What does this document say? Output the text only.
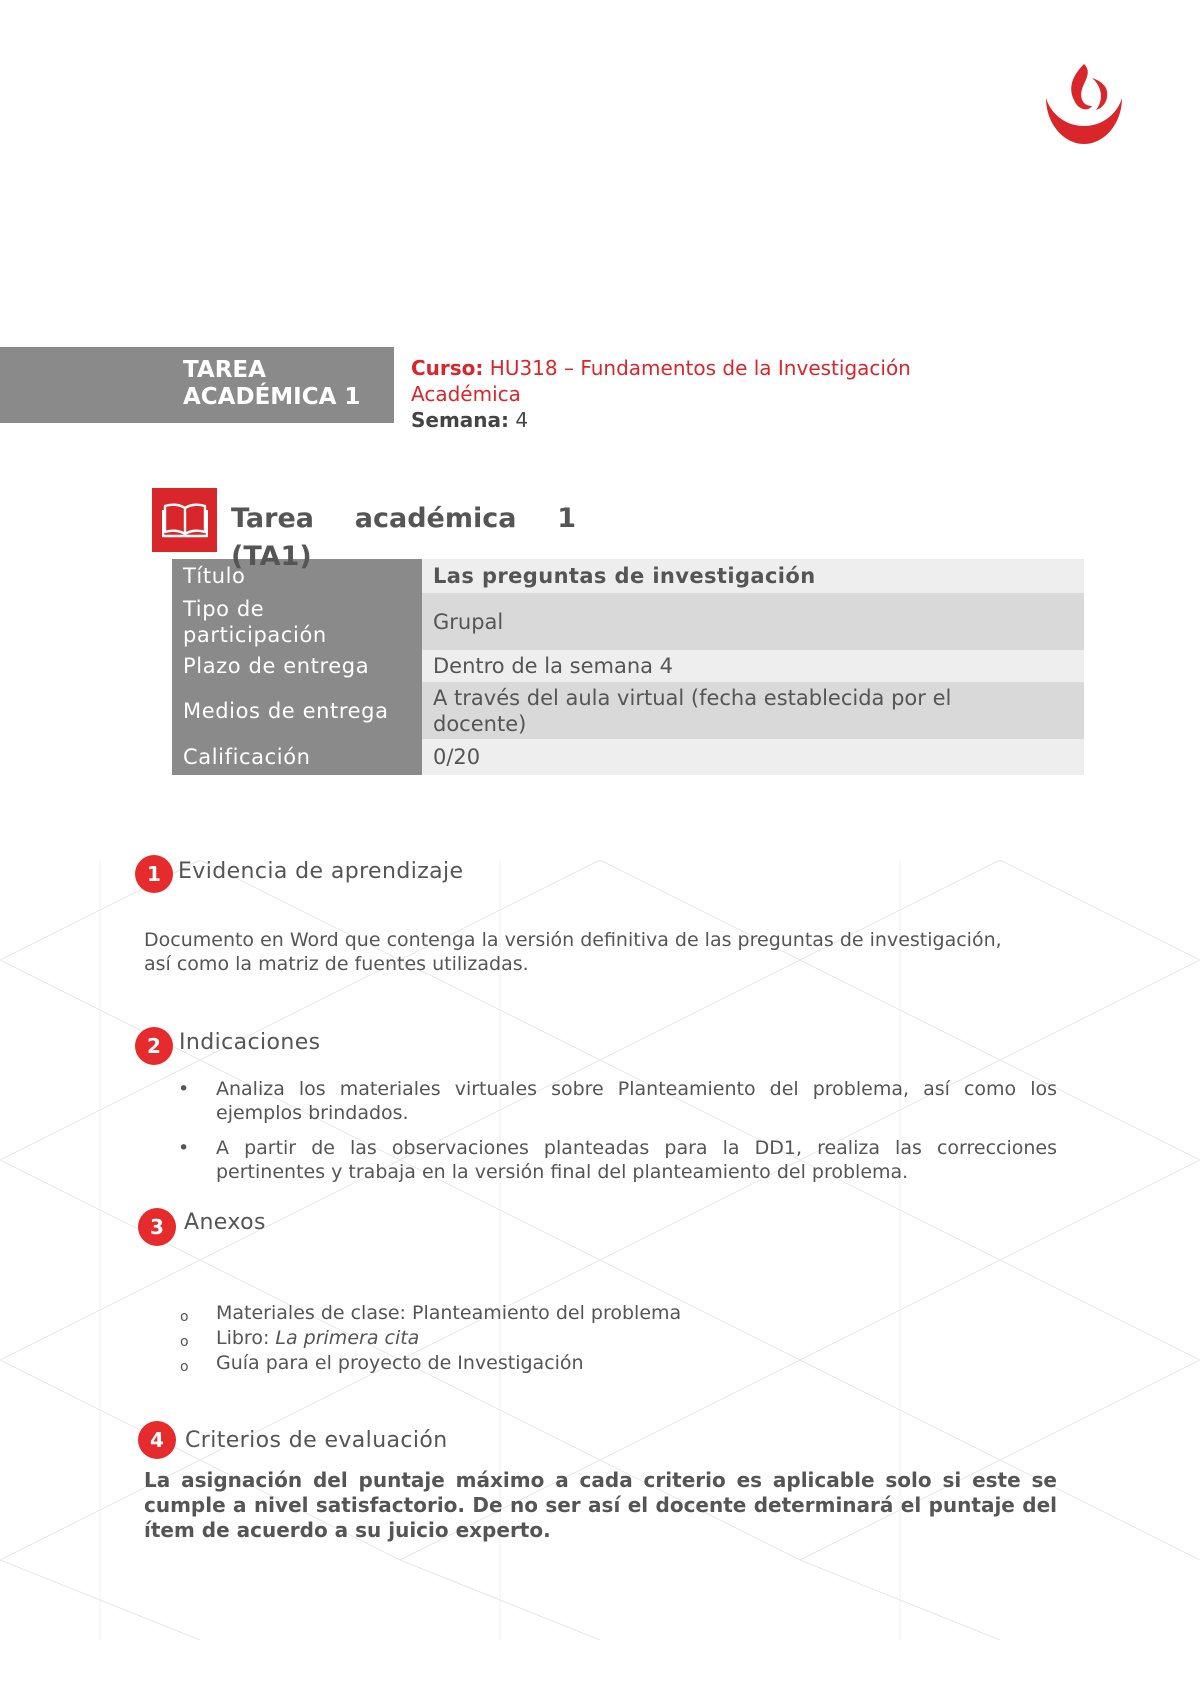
TAREA
ACADÉMICA 1
Curso: HU318 – Fundamentos de la Investigación
Académica
Semana: 4
Tarea académica 1
(TA1)
Título	Las preguntas de investigación

Tipo de
participación	Grupal
Plazo de entrega	Dentro de la semana 4
Medios de entrega	A través del aula virtual (fecha establecida por el
docente)

Calificación	0/20
1 Evidencia de aprendizaje
Documento en Word que contenga la versión definitiva de las preguntas de investigación,
así como la matriz de fuentes utilizadas.
2 Indicaciones
• Analiza los materiales virtuales sobre Planteamiento del problema, así como los ejemplos brindados.
• A partir de las observaciones planteadas para la DD1, realiza las correcciones pertinentes y trabaja en la versión final del planteamiento del problema.
3 Anexos
o Materiales de clase: Planteamiento del problema
o Libro: La primera cita
o Guía para el proyecto de Investigación
4 Criterios de evaluación
La asignación del puntaje máximo a cada criterio es aplicable solo si este se cumple a nivel satisfactorio. De no ser así el docente determinará el puntaje del ítem de acuerdo a su juicio experto.
